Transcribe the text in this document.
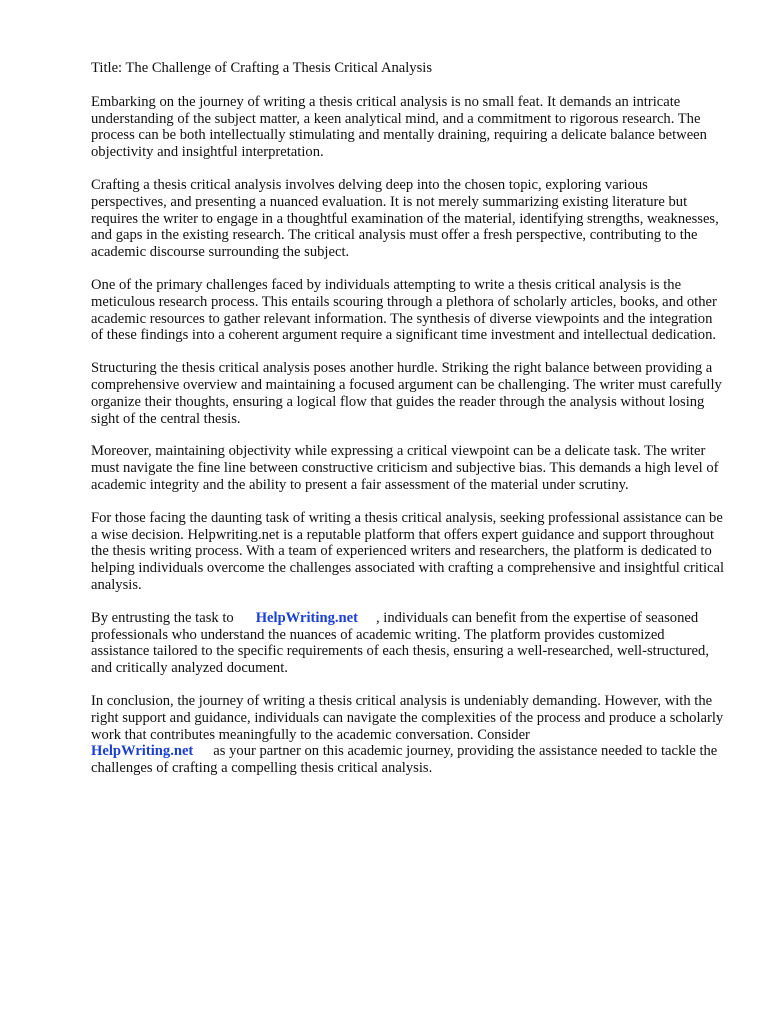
Title: The Challenge of Crafting a Thesis Critical Analysis

Embarking on the journey of writing a thesis critical analysis is no small feat. It demands an intricate understanding of the subject matter, a keen analytical mind, and a commitment to rigorous research. The process can be both intellectually stimulating and mentally draining, requiring a delicate balance between objectivity and insightful interpretation.

Crafting a thesis critical analysis involves delving deep into the chosen topic, exploring various perspectives, and presenting a nuanced evaluation. It is not merely summarizing existing literature but requires the writer to engage in a thoughtful examination of the material, identifying strengths, weaknesses, and gaps in the existing research. The critical analysis must offer a fresh perspective, contributing to the academic discourse surrounding the subject.

One of the primary challenges faced by individuals attempting to write a thesis critical analysis is the meticulous research process. This entails scouring through a plethora of scholarly articles, books, and other academic resources to gather relevant information. The synthesis of diverse viewpoints and the integration of these findings into a coherent argument require a significant time investment and intellectual dedication.

Structuring the thesis critical analysis poses another hurdle. Striking the right balance between providing a comprehensive overview and maintaining a focused argument can be challenging. The writer must carefully organize their thoughts, ensuring a logical flow that guides the reader through the analysis without losing sight of the central thesis.

Moreover, maintaining objectivity while expressing a critical viewpoint can be a delicate task. The writer must navigate the fine line between constructive criticism and subjective bias. This demands a high level of academic integrity and the ability to present a fair assessment of the material under scrutiny.

For those facing the daunting task of writing a thesis critical analysis, seeking professional assistance can be a wise decision. Helpwriting.net is a reputable platform that offers expert guidance and support throughout the thesis writing process. With a team of experienced writers and researchers, the platform is dedicated to helping individuals overcome the challenges associated with crafting a comprehensive and insightful critical analysis.

By entrusting the task to HelpWriting.net , individuals can benefit from the expertise of seasoned professionals who understand the nuances of academic writing. The platform provides customized assistance tailored to the specific requirements of each thesis, ensuring a well-researched, well-structured, and critically analyzed document.

In conclusion, the journey of writing a thesis critical analysis is undeniably demanding. However, with the right support and guidance, individuals can navigate the complexities of the process and produce a scholarly work that contributes meaningfully to the academic conversation. Consider
HelpWriting.net as your partner on this academic journey, providing the assistance needed to tackle the challenges of crafting a compelling thesis critical analysis.
